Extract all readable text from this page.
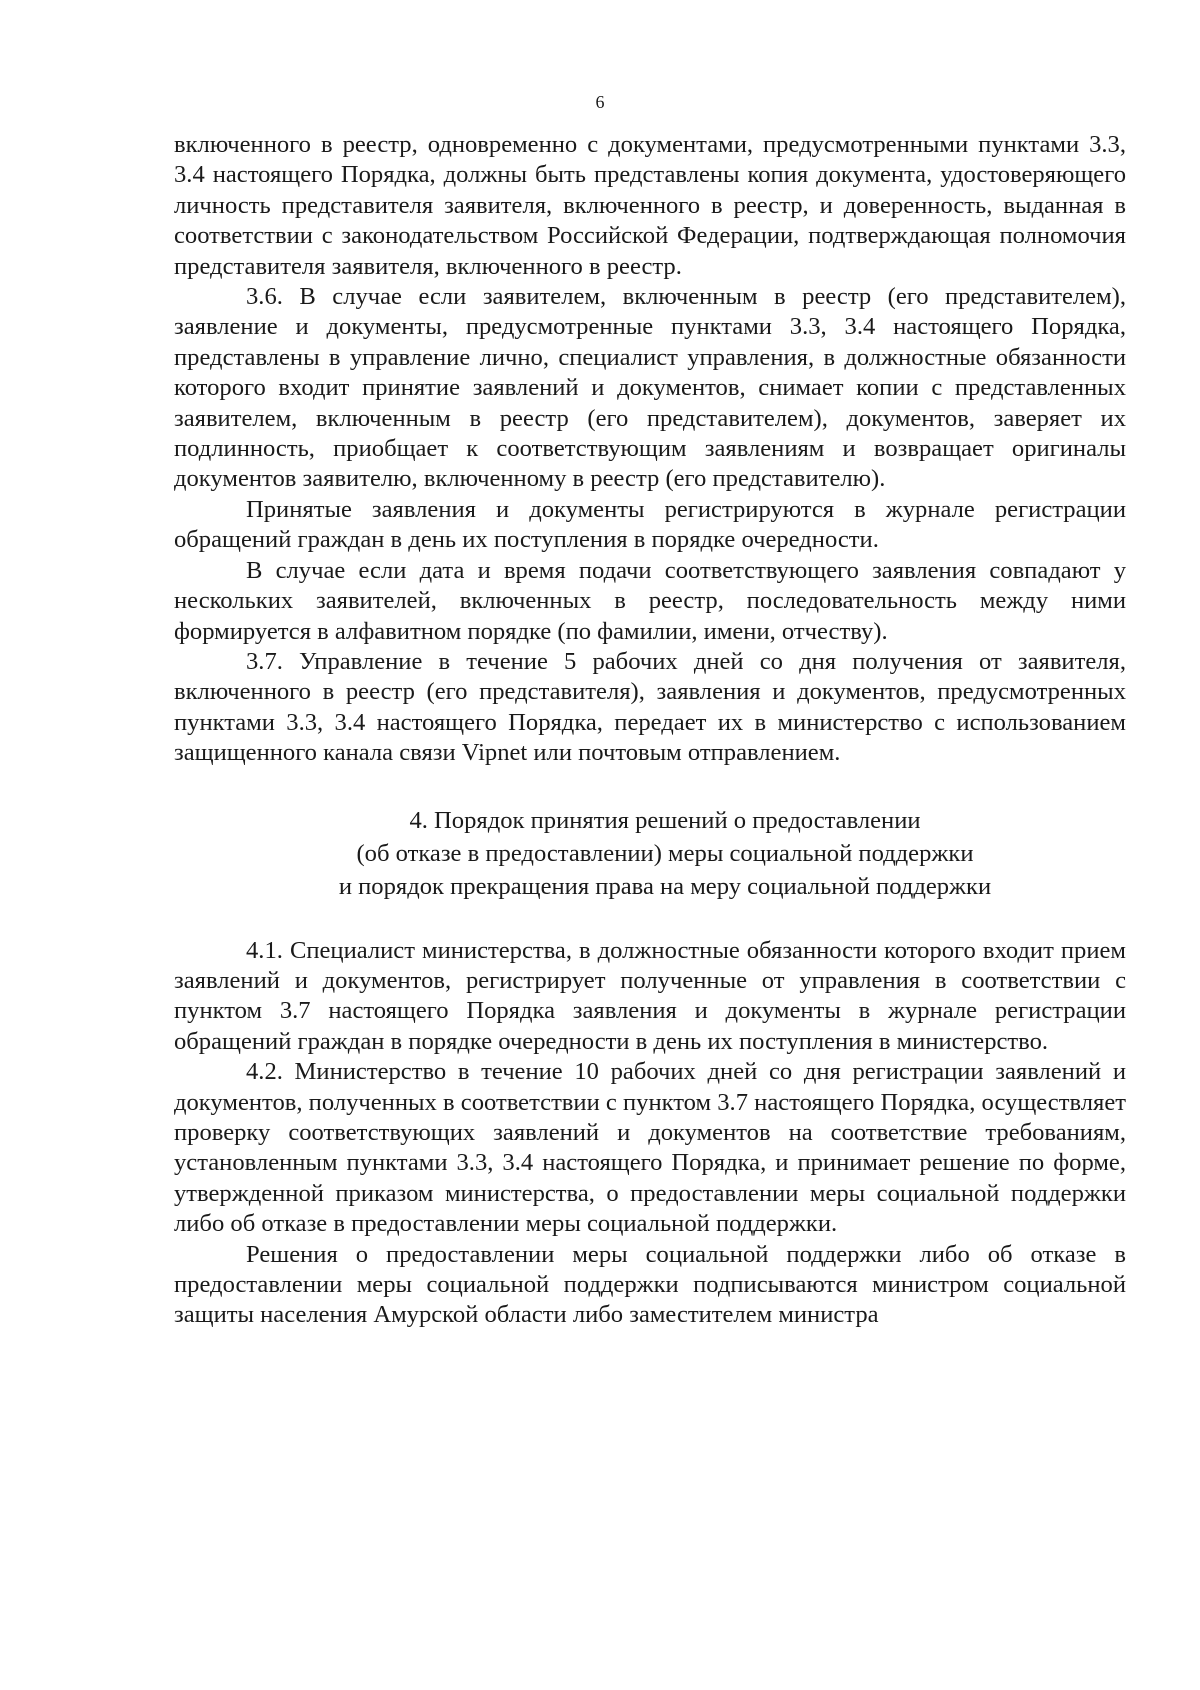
6

включенного в реестр, одновременно с документами, предусмотренными пунктами 3.3, 3.4 настоящего Порядка, должны быть представлены копия документа, удостоверяющего личность представителя заявителя, включенного в реестр, и доверенность, выданная в соответствии с законодательством Российской Федерации, подтверждающая полномочия представителя заявителя, включенного в реестр.

3.6. В случае если заявителем, включенным в реестр (его представителем), заявление и документы, предусмотренные пунктами 3.3, 3.4 настоящего Порядка, представлены в управление лично, специалист управления, в должностные обязанности которого входит принятие заявлений и документов, снимает копии с представленных заявителем, включенным в реестр (его представителем), документов, заверяет их подлинность, приобщает к соответствующим заявлениям и возвращает оригиналы документов заявителю, включенному в реестр (его представителю).

Принятые заявления и документы регистрируются в журнале регистрации обращений граждан в день их поступления в порядке очередности.

В случае если дата и время подачи соответствующего заявления совпадают у нескольких заявителей, включенных в реестр, последовательность между ними формируется в алфавитном порядке (по фамилии, имени, отчеству).

3.7. Управление в течение 5 рабочих дней со дня получения от заявителя, включенного в реестр (его представителя), заявления и документов, предусмотренных пунктами 3.3, 3.4 настоящего Порядка, передает их в министерство с использованием защищенного канала связи Vipnet или почтовым отправлением.

4. Порядок принятия решений о предоставлении
(об отказе в предоставлении) меры социальной поддержки
и порядок прекращения права на меру социальной поддержки

4.1. Специалист министерства, в должностные обязанности которого входит прием заявлений и документов, регистрирует полученные от управления в соответствии с пунктом 3.7 настоящего Порядка заявления и документы в журнале регистрации обращений граждан в порядке очередности в день их поступления в министерство.

4.2. Министерство в течение 10 рабочих дней со дня регистрации заявлений и документов, полученных в соответствии с пунктом 3.7 настоящего Порядка, осуществляет проверку соответствующих заявлений и документов на соответствие требованиям, установленным пунктами 3.3, 3.4 настоящего Порядка, и принимает решение по форме, утвержденной приказом министерства, о предоставлении меры социальной поддержки либо об отказе в предоставлении меры социальной поддержки.

Решения о предоставлении меры социальной поддержки либо об отказе в предоставлении меры социальной поддержки подписываются министром социальной защиты населения Амурской области либо заместителем министра
